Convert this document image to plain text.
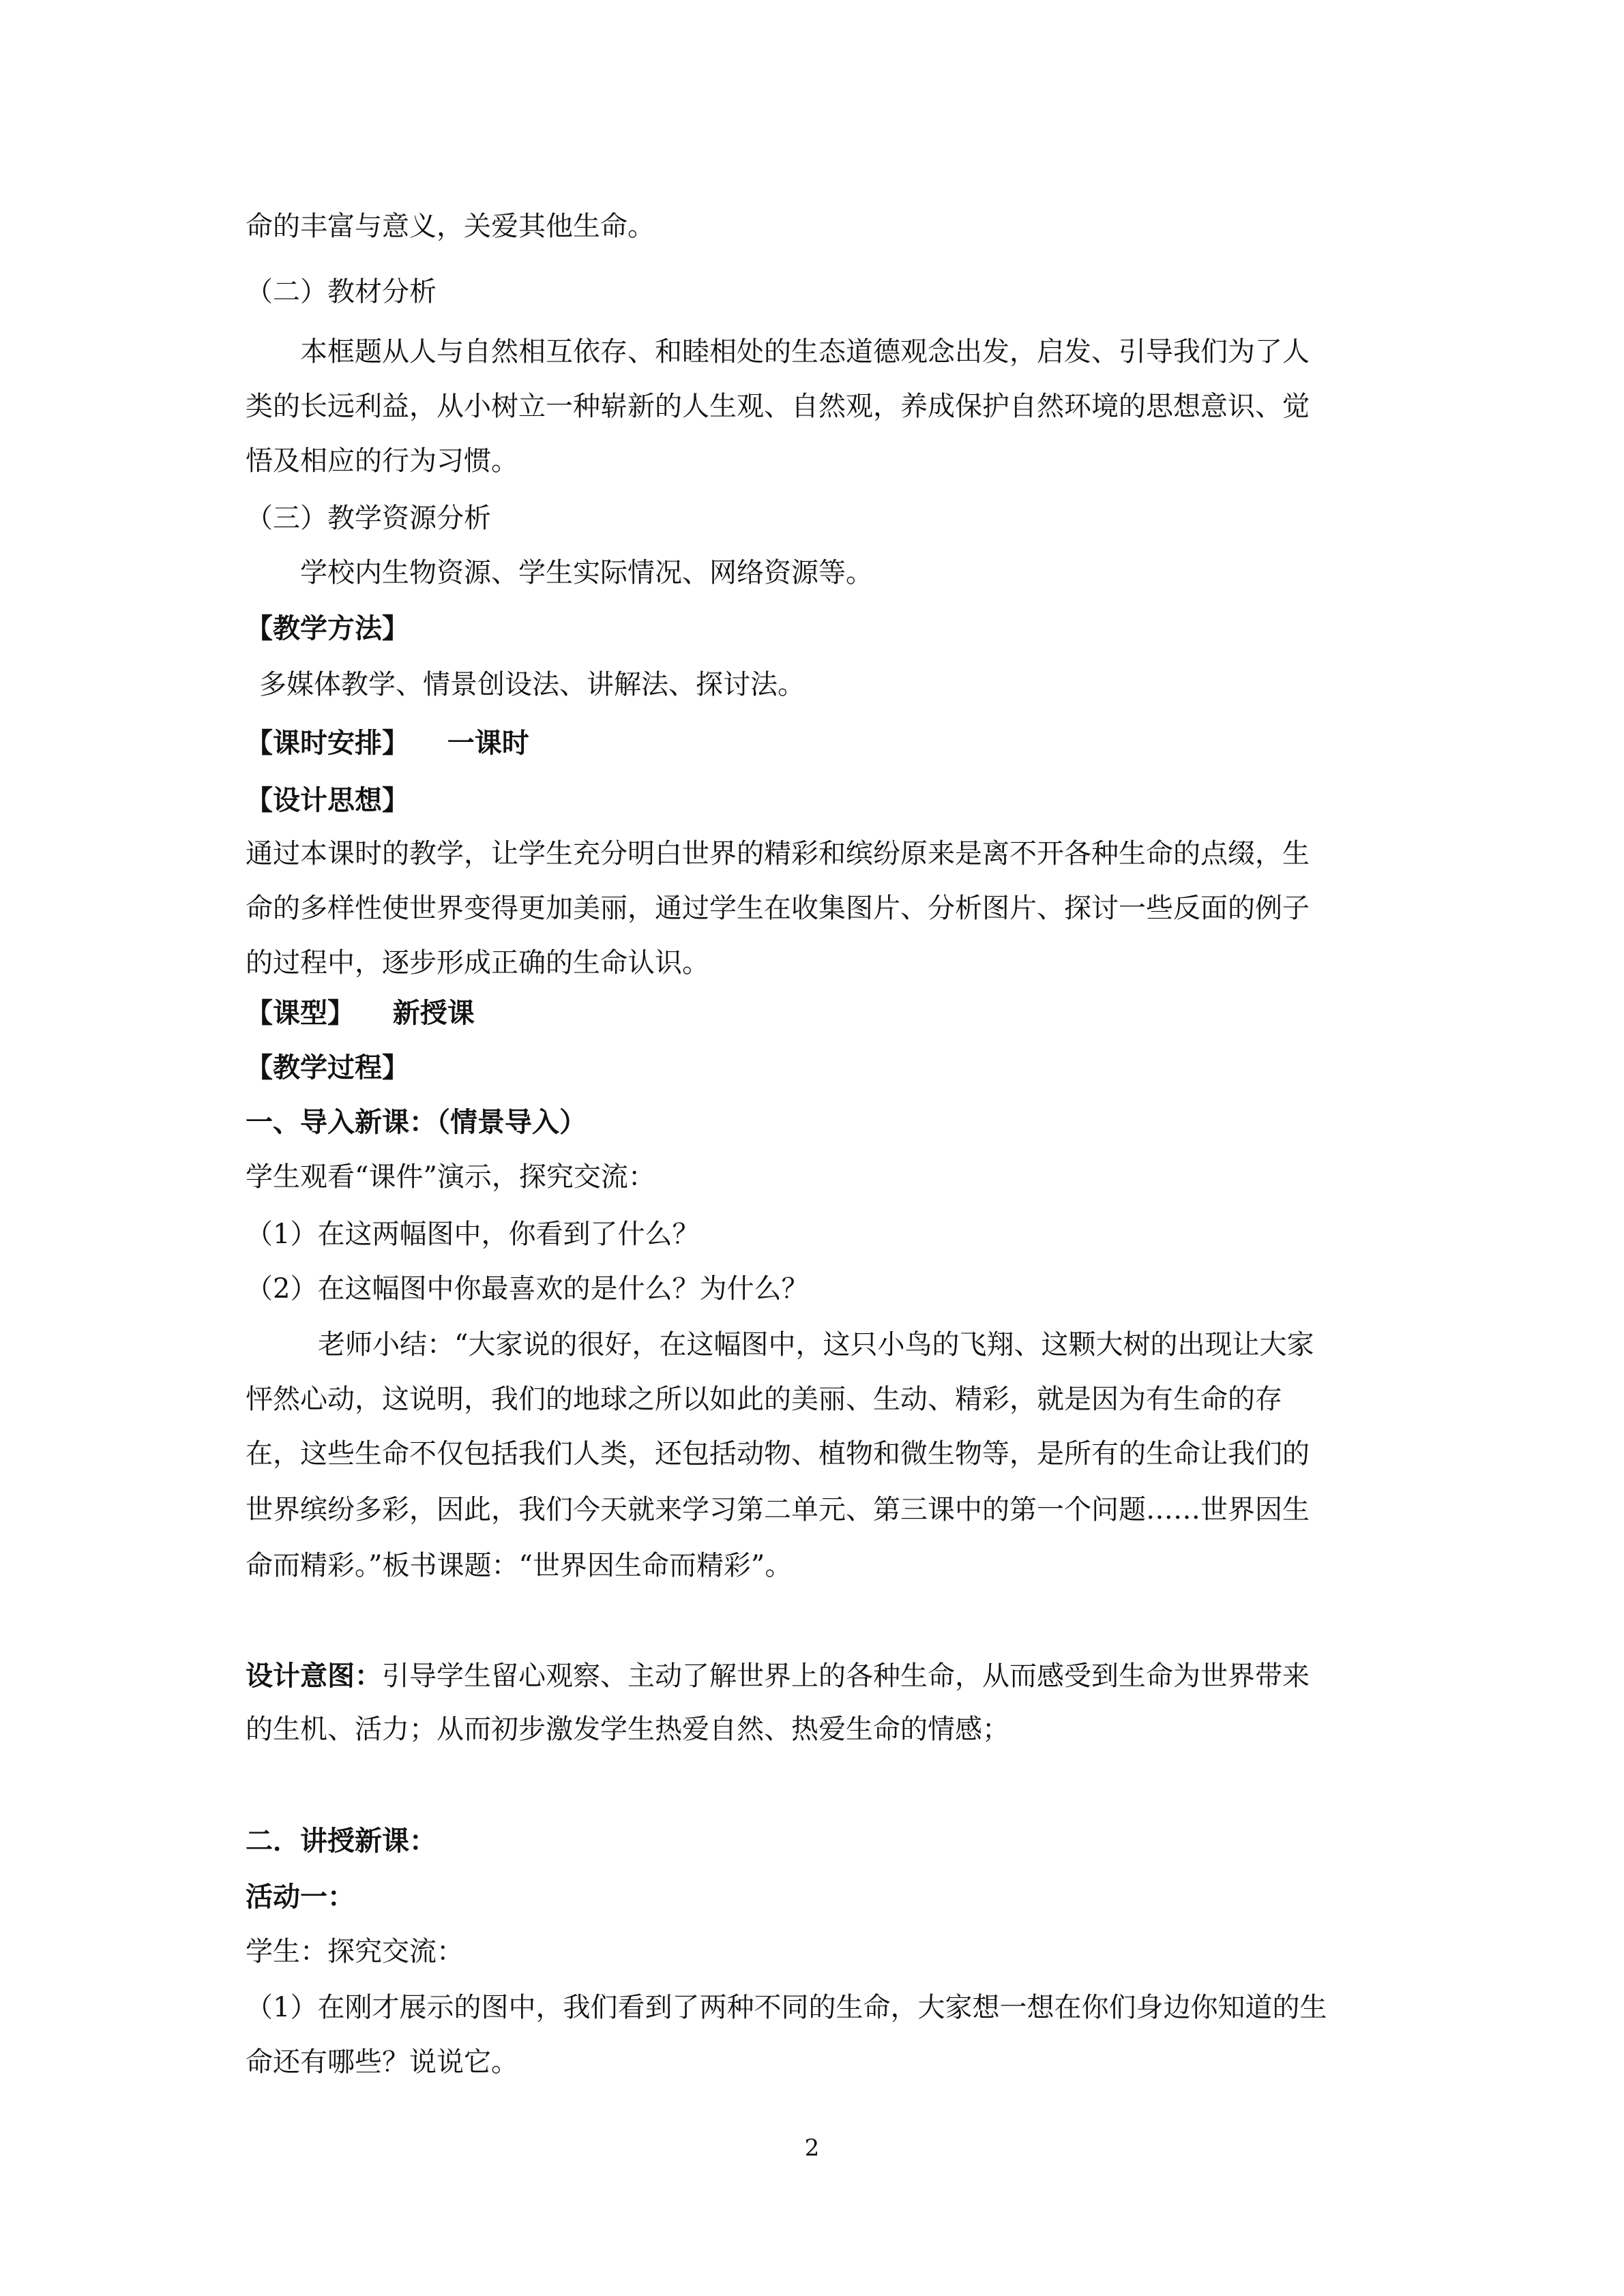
命的丰富与意义，关爱其他生命。
（二）教材分析
本框题从人与自然相互依存、和睦相处的生态道德观念出发，启发、引导我们为了人
类的长远利益，从小树立一种崭新的人生观、自然观，养成保护自然环境的思想意识、觉
悟及相应的行为习惯。
（三）教学资源分析
学校内生物资源、学生实际情况、网络资源等。
【教学方法】
多媒体教学、情景创设法、讲解法、探讨法。
【课时安排】    一课时
【设计思想】
通过本课时的教学，让学生充分明白世界的精彩和缤纷原来是离不开各种生命的点缀，生
命的多样性使世界变得更加美丽，通过学生在收集图片、分析图片、探讨一些反面的例子
的过程中，逐步形成正确的生命认识。
【课型】    新授课
【教学过程】
一、导入新课：（情景导入）
学生观看“课件”演示，探究交流：
（1）在这两幅图中，你看到了什么？
（2）在这幅图中你最喜欢的是什么？为什么？
老师小结：“大家说的很好，在这幅图中，这只小鸟的飞翔、这颗大树的出现让大家
怦然心动，这说明，我们的地球之所以如此的美丽、生动、精彩，就是因为有生命的存
在，这些生命不仅包括我们人类，还包括动物、植物和微生物等，是所有的生命让我们的
世界缤纷多彩，因此，我们今天就来学习第二单元、第三课中的第一个问题……世界因生
命而精彩。”板书课题：“世界因生命而精彩”。
设计意图：引导学生留心观察、主动了解世界上的各种生命，从而感受到生命为世界带来
的生机、活力；从而初步激发学生热爱自然、热爱生命的情感；
二．讲授新课：
活动一：
学生：探究交流：
（1）在刚才展示的图中，我们看到了两种不同的生命，大家想一想在你们身边你知道的生
命还有哪些？说说它。
2
